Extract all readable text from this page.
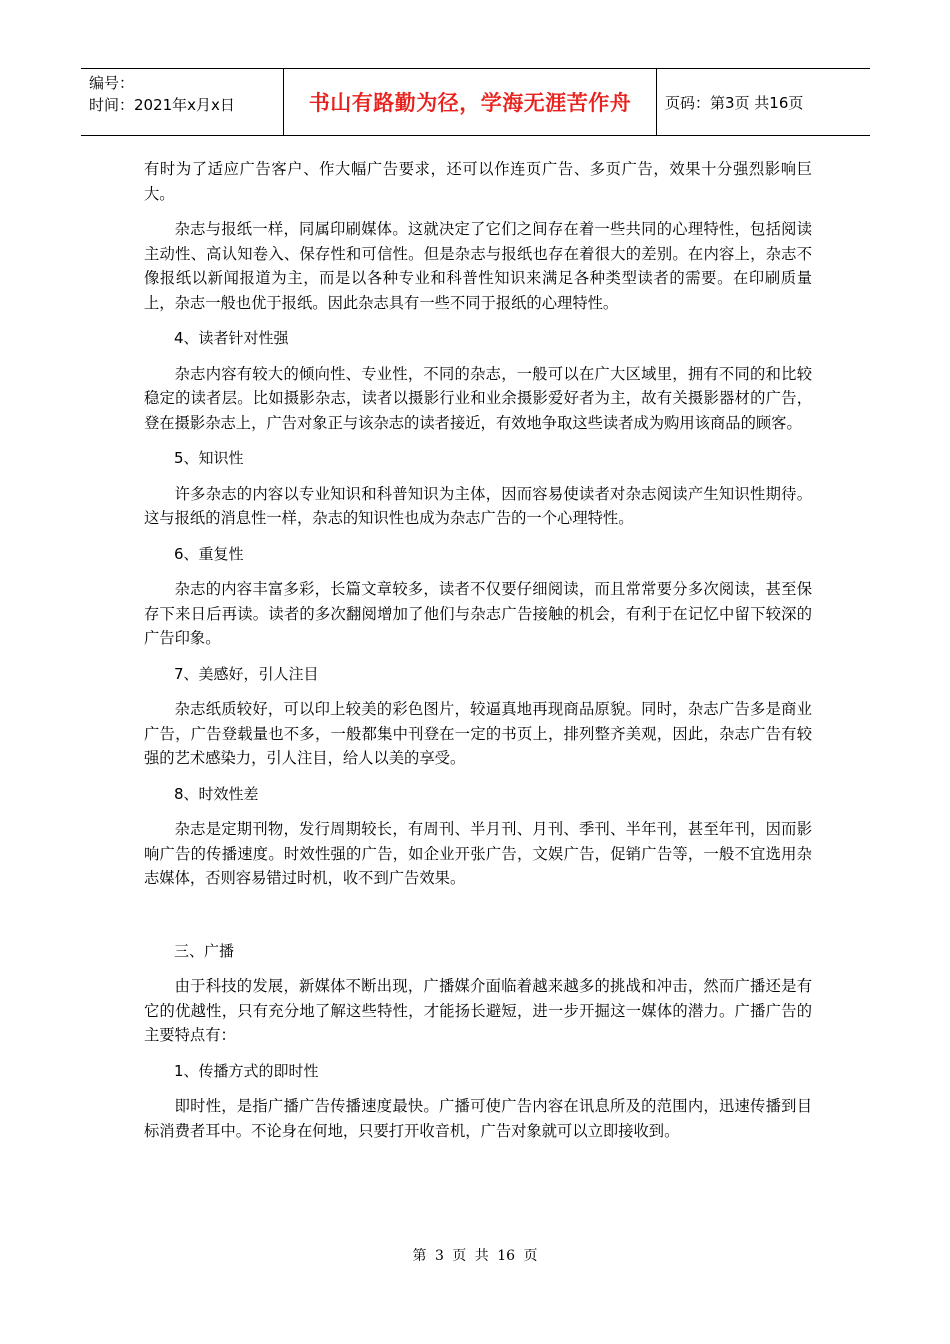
编号：
时间：2021年x月x日	书山有路勤为径，学海无涯苦作舟	页码：第3页 共16页

有时为了适应广告客户、作大幅广告要求，还可以作连页广告、多页广告，效果十分强烈影响巨大。

杂志与报纸一样，同属印刷媒体。这就决定了它们之间存在着一些共同的心理特性，包括阅读主动性、高认知卷入、保存性和可信性。但是杂志与报纸也存在着很大的差别。在内容上，杂志不像报纸以新闻报道为主，而是以各种专业和科普性知识来满足各种类型读者的需要。在印刷质量上，杂志一般也优于报纸。因此杂志具有一些不同于报纸的心理特性。

4、读者针对性强

杂志内容有较大的倾向性、专业性，不同的杂志，一般可以在广大区域里，拥有不同的和比较稳定的读者层。比如摄影杂志，读者以摄影行业和业余摄影爱好者为主，故有关摄影器材的广告，登在摄影杂志上，广告对象正与该杂志的读者接近，有效地争取这些读者成为购用该商品的顾客。

5、知识性

许多杂志的内容以专业知识和科普知识为主体，因而容易使读者对杂志阅读产生知识性期待。这与报纸的消息性一样，杂志的知识性也成为杂志广告的一个心理特性。

6、重复性

杂志的内容丰富多彩，长篇文章较多，读者不仅要仔细阅读，而且常常要分多次阅读，甚至保存下来日后再读。读者的多次翻阅增加了他们与杂志广告接触的机会，有利于在记忆中留下较深的广告印象。

7、美感好，引人注目

杂志纸质较好，可以印上较美的彩色图片，较逼真地再现商品原貌。同时，杂志广告多是商业广告，广告登载量也不多，一般都集中刊登在一定的书页上，排列整齐美观，因此，杂志广告有较强的艺术感染力，引人注目，给人以美的享受。

8、时效性差

杂志是定期刊物，发行周期较长，有周刊、半月刊、月刊、季刊、半年刊，甚至年刊，因而影响广告的传播速度。时效性强的广告，如企业开张广告，文娱广告，促销广告等，一般不宜选用杂志媒体，否则容易错过时机，收不到广告效果。

三、广播

由于科技的发展，新媒体不断出现，广播媒介面临着越来越多的挑战和冲击，然而广播还是有它的优越性，只有充分地了解这些特性，才能扬长避短，进一步开掘这一媒体的潜力。广播广告的主要特点有：

1、传播方式的即时性

即时性，是指广播广告传播速度最快。广播可使广告内容在讯息所及的范围内，迅速传播到目标消费者耳中。不论身在何地，只要打开收音机，广告对象就可以立即接收到。

第 3 页 共 16 页
